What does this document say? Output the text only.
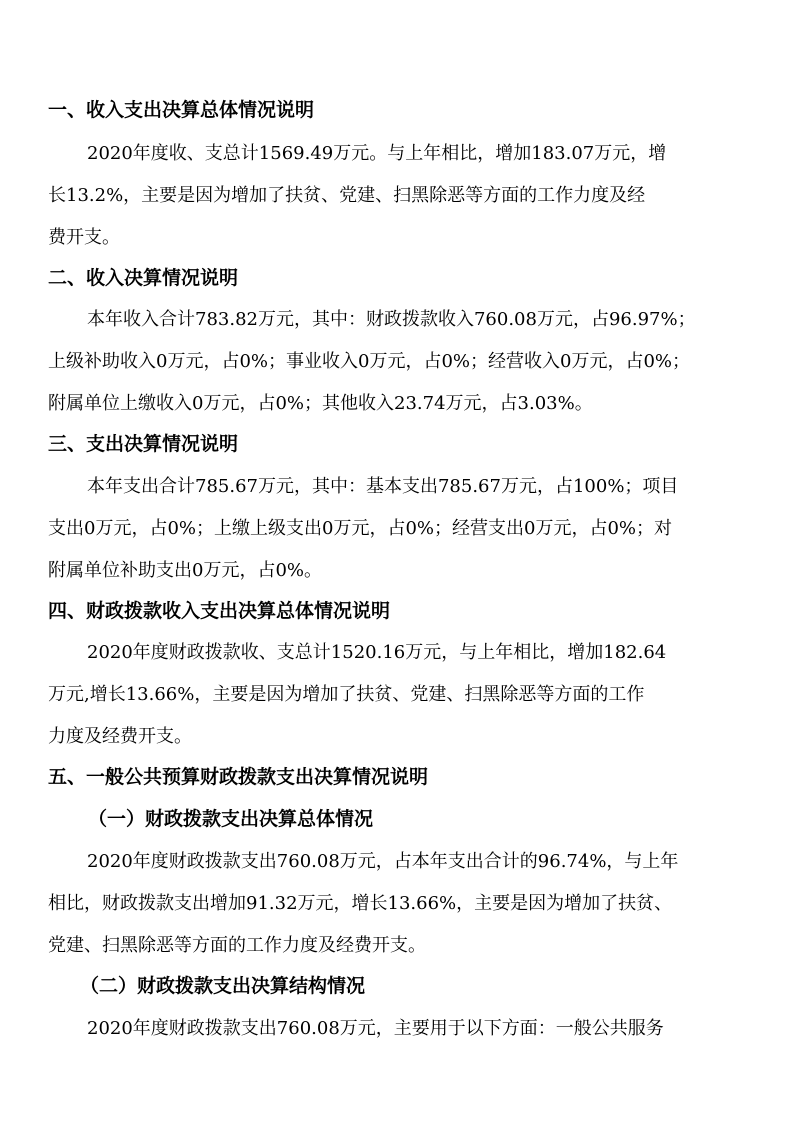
一、收入支出决算总体情况说明
2020年度收、支总计1569.49万元。与上年相比，增加183.07万元，增
长13.2%，主要是因为增加了扶贫、党建、扫黑除恶等方面的工作力度及经
费开支。
二、收入决算情况说明
本年收入合计783.82万元，其中：财政拨款收入760.08万元，占96.97%；
上级补助收入0万元，占0%；事业收入0万元，占0%；经营收入0万元，占0%；
附属单位上缴收入0万元，占0%；其他收入23.74万元，占3.03%。
三、支出决算情况说明
本年支出合计785.67万元，其中：基本支出785.67万元，占100%；项目
支出0万元，占0%；上缴上级支出0万元，占0%；经营支出0万元，占0%；对
附属单位补助支出0万元，占0%。
四、财政拨款收入支出决算总体情况说明
2020年度财政拨款收、支总计1520.16万元，与上年相比，增加182.64
万元,增长13.66%，主要是因为增加了扶贫、党建、扫黑除恶等方面的工作
力度及经费开支。
五、一般公共预算财政拨款支出决算情况说明
（一）财政拨款支出决算总体情况
2020年度财政拨款支出760.08万元，占本年支出合计的96.74%，与上年
相比，财政拨款支出增加91.32万元，增长13.66%，主要是因为增加了扶贫、
党建、扫黑除恶等方面的工作力度及经费开支。
（二）财政拨款支出决算结构情况
2020年度财政拨款支出760.08万元，主要用于以下方面：一般公共服务
